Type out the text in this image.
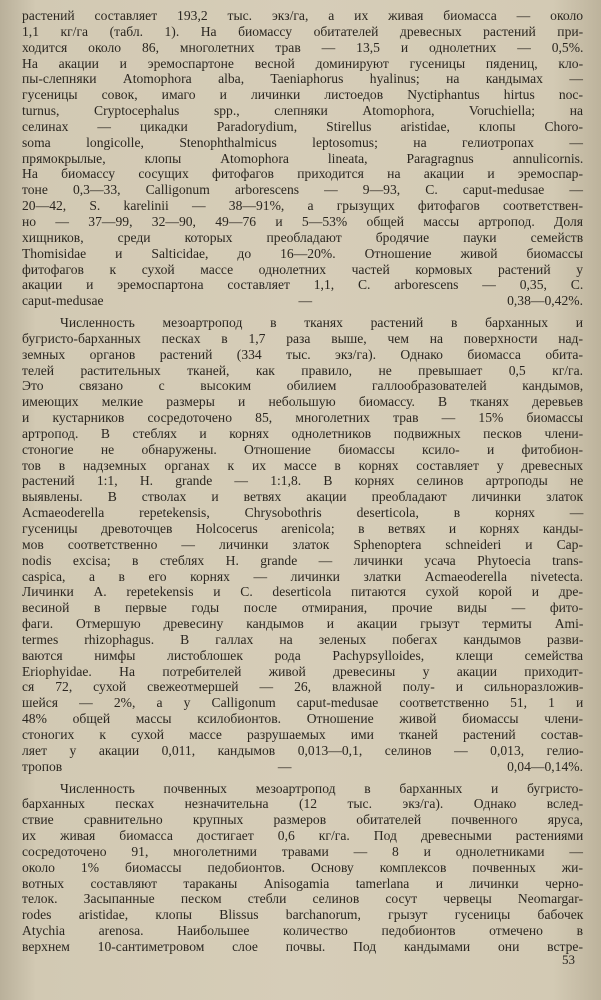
растений составляет 193,2 тыс. экз/га, а их живая биомасса — около
1,1 кг/га (табл. 1). На биомассу обитателей древесных растений при-
ходится около 86, многолетних трав — 13,5 и однолетних — 0,5%.
На акации и эремоспартоне весной доминируют гусеницы пядениц, кло-
пы-слепняки Atomophora alba, Taeniaphorus hyalinus; на кандымах —
гусеницы совок, имаго и личинки листоедов Nyctiphantus hirtus noc-
turnus, Cryptocephalus spp., слепняки Atomophora, Voruchiella; на
селинах — цикадки Paradorydium, Stirellus aristidae, клопы Choro-
soma longicolle, Stenophthalmicus leptosomus; на гелиотропах —
прямокрылые, клопы Atomophora lineata, Paragragnus annulicornis.
На биомассу сосущих фитофагов приходится на акации и эремоспар-
тоне 0,3—33, Calligonum arborescens — 9—93, C. caput-medusae —
20—42, S. karelinii — 38—91%, а грызущих фитофагов соответствен-
но — 37—99, 32—90, 49—76 и 5—53% общей массы артропод. Доля
хищников, среди которых преобладают бродячие пауки семейств
Thomisidae и Salticidae, до 16—20%. Отношение живой биомассы
фитофагов к сухой массе однолетних частей кормовых растений у
акации и эремоспартона составляет 1,1, C. arborescens — 0,35, C.
caput-medusae — 0,38—0,42%.

Численность мезоартропод в тканях растений в барханных и
бугристо-барханных песках в 1,7 раза выше, чем на поверхности над-
земных органов растений (334 тыс. экз/га). Однако биомасса обита-
телей растительных тканей, как правило, не превышает 0,5 кг/га.
Это связано с высоким обилием галлообразователей кандымов,
имеющих мелкие размеры и небольшую биомассу. В тканях деревьев
и кустарников сосредоточено 85, многолетних трав — 15% биомассы
артропод. В стеблях и корнях однолетников подвижных песков члени-
стоногие не обнаружены. Отношение биомассы ксило- и фитобион-
тов в надземных органах к их массе в корнях составляет у древесных
растений 1:1, H. grande — 1:1,8. В корнях селинов артроподы не
выявлены. В стволах и ветвях акации преобладают личинки златок
Acmaeoderella repetekensis, Chrysobothris deserticola, в корнях —
гусеницы древоточцев Holcocerus arenicola; в ветвях и корнях канды-
мов соответственно — личинки златок Sphenoptera schneideri и Cap-
nodis excisa; в стеблях H. grande — личинки усача Phytoecia trans-
caspica, а в его корнях — личинки златки Acmaeoderella nivetecta.
Личинки A. repetekensis и C. deserticola питаются сухой корой и дре-
весиной в первые годы после отмирания, прочие виды — фито-
фаги. Отмершую древесину кандымов и акации грызут термиты Ami-
termes rhizophagus. В галлах на зеленых побегах кандымов разви-
ваются нимфы листоблошек рода Pachypsylloides, клещи семейства
Eriophyidae. На потребителей живой древесины у акации приходит-
ся 72, сухой свежеотмершей — 26, влажной полу- и сильноразложив-
шейся — 2%, а у Calligonum caput-medusae соответственно 51, 1 и
48% общей массы ксилобионтов. Отношение живой биомассы члени-
стоногих к сухой массе разрушаемых ими тканей растений состав-
ляет у акации 0,011, кандымов 0,013—0,1, селинов — 0,013, гелио-
тропов — 0,04—0,14%.

Численность почвенных мезоартропод в барханных и бугристо-
барханных песках незначительна (12 тыс. экз/га). Однако вслед-
ствие сравнительно крупных размеров обитателей почвенного яруса,
их живая биомасса достигает 0,6 кг/га. Под древесными растениями
сосредоточено 91, многолетними травами — 8 и однолетниками —
около 1% биомассы педобионтов. Основу комплексов почвенных жи-
вотных составляют тараканы Anisogamia tamerlana и личинки черно-
телок. Засыпанные песком стебли селинов сосут червецы Neomargar-
rodes aristidae, клопы Blissus barchanorum, грызут гусеницы бабочек
Atychia arenosa. Наибольшее количество педобионтов отмечено в
верхнем 10-сантиметровом слое почвы. Под кандымами они встре-

53
